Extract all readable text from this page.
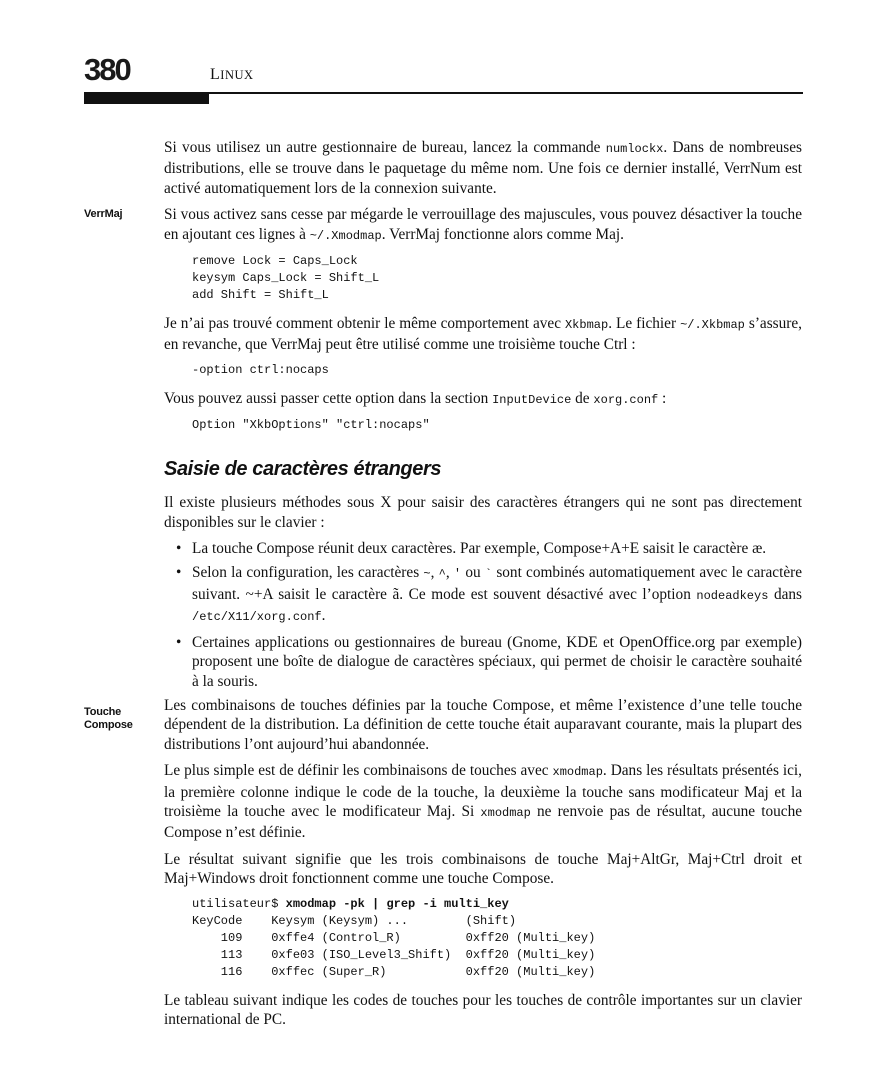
380	LINUX
VerrMaj
Touche
Compose

Si vous utilisez un autre gestionnaire de bureau, lancez la commande numlockx. Dans de nombreuses distributions, elle se trouve dans le paquetage du même nom. Une fois ce dernier installé, VerrNum est activé automatiquement lors de la connexion suivante.

Si vous activez sans cesse par mégarde le verrouillage des majuscules, vous pouvez désactiver la touche en ajoutant ces lignes à ~/.Xmodmap. VerrMaj fonctionne alors comme Maj.

remove Lock = Caps_Lock
keysym Caps_Lock = Shift_L
add Shift = Shift_L

Je n’ai pas trouvé comment obtenir le même comportement avec Xkbmap. Le fichier ~/.Xkbmap s’assure, en revanche, que VerrMaj peut être utilisé comme une troisième touche Ctrl :

-option ctrl:nocaps

Vous pouvez aussi passer cette option dans la section InputDevice de xorg.conf :

Option "XkbOptions" "ctrl:nocaps"
Saisie de caractères étrangers

Il existe plusieurs méthodes sous X pour saisir des caractères étrangers qui ne sont pas directement disponibles sur le clavier :

• La touche Compose réunit deux caractères. Par exemple, Compose+A+E saisit le caractère æ.
• Selon la configuration, les caractères ~, ^, ' ou ` sont combinés automatiquement avec le caractère suivant. ~+A saisit le caractère ã. Ce mode est souvent désactivé avec l’option nodeadkeys dans /etc/X11/xorg.conf.
• Certaines applications ou gestionnaires de bureau (Gnome, KDE et OpenOffice.org par exemple) proposent une boîte de dialogue de caractères spéciaux, qui permet de choisir le caractère souhaité à la souris.

Les combinaisons de touches définies par la touche Compose, et même l’existence d’une telle touche dépendent de la distribution. La définition de cette touche était auparavant courante, mais la plupart des distributions l’ont aujourd’hui abandonnée.

Le plus simple est de définir les combinaisons de touches avec xmodmap. Dans les résultats présentés ici, la première colonne indique le code de la touche, la deuxième la touche sans modificateur Maj et la troisième la touche avec le modificateur Maj. Si xmodmap ne renvoie pas de résultat, aucune touche Compose n’est définie.

Le résultat suivant signifie que les trois combinaisons de touche Maj+AltGr, Maj+Ctrl droit et Maj+Windows droit fonctionnent comme une touche Compose.

utilisateur$ xmodmap -pk | grep -i multi_key
KeyCode    Keysym (Keysym) ...        (Shift)
109    0xffe4 (Control_R)         0xff20 (Multi_key)
113    0xfe03 (ISO_Level3_Shift)  0xff20 (Multi_key)
116    0xffec (Super_R)           0xff20 (Multi_key)

Le tableau suivant indique les codes de touches pour les touches de contrôle importantes sur un clavier international de PC.
